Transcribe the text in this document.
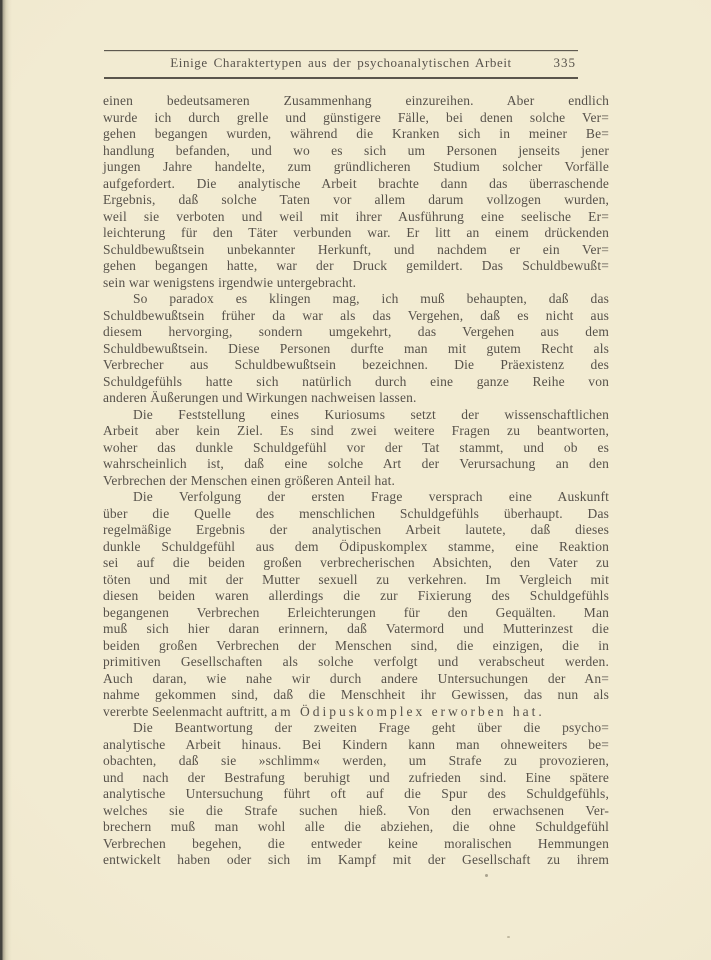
Einige Charaktertypen aus der psychoanalytischen Arbeit	335
einen bedeutsameren Zusammenhang einzureihen. Aber endlich
wurde ich durch grelle und günstigere Fälle, bei denen solche Ver=
gehen begangen wurden, während die Kranken sich in meiner Be=
handlung befanden, und wo es sich um Personen jenseits jener
jungen Jahre handelte, zum gründlicheren Studium solcher Vorfälle
aufgefordert. Die analytische Arbeit brachte dann das überraschende
Ergebnis, daß solche Taten vor allem darum vollzogen wurden,
weil sie verboten und weil mit ihrer Ausführung eine seelische Er=
leichterung für den Täter verbunden war. Er litt an einem drückenden
Schuldbewußtsein unbekannter Herkunft, und nachdem er ein Ver=
gehen begangen hatte, war der Druck gemildert. Das Schuldbewußt=
sein war wenigstens irgendwie untergebracht.
So paradox es klingen mag, ich muß behaupten, daß das
Schuldbewußtsein früher da war als das Vergehen, daß es nicht aus
diesem hervorging, sondern umgekehrt, das Vergehen aus dem
Schuldbewußtsein. Diese Personen durfte man mit gutem Recht als
Verbrecher aus Schuldbewußtsein bezeichnen. Die Präexistenz des
Schuldgefühls hatte sich natürlich durch eine ganze Reihe von
anderen Äußerungen und Wirkungen nachweisen lassen.
Die Feststellung eines Kuriosums setzt der wissenschaftlichen
Arbeit aber kein Ziel. Es sind zwei weitere Fragen zu beantworten,
woher das dunkle Schuldgefühl vor der Tat stammt, und ob es
wahrscheinlich ist, daß eine solche Art der Verursachung an den
Verbrechen der Menschen einen größeren Anteil hat.
Die Verfolgung der ersten Frage versprach eine Auskunft
über die Quelle des menschlichen Schuldgefühls überhaupt. Das
regelmäßige Ergebnis der analytischen Arbeit lautete, daß dieses
dunkle Schuldgefühl aus dem Ödipuskomplex stamme, eine Reaktion
sei auf die beiden großen verbrecherischen Absichten, den Vater zu
töten und mit der Mutter sexuell zu verkehren. Im Vergleich mit
diesen beiden waren allerdings die zur Fixierung des Schuldgefühls
begangenen Verbrechen Erleichterungen für den Gequälten. Man
muß sich hier daran erinnern, daß Vatermord und Mutterinzest die
beiden großen Verbrechen der Menschen sind, die einzigen, die in
primitiven Gesellschaften als solche verfolgt und verabscheut werden.
Auch daran, wie nahe wir durch andere Untersuchungen der An=
nahme gekommen sind, daß die Menschheit ihr Gewissen, das nun als
vererbte Seelenmacht auftritt, am Ödipuskomplex erworben hat.
Die Beantwortung der zweiten Frage geht über die psycho=
analytische Arbeit hinaus. Bei Kindern kann man ohneweiters be=
obachten, daß sie »schlimm« werden, um Strafe zu provozieren,
und nach der Bestrafung beruhigt und zufrieden sind. Eine spätere
analytische Untersuchung führt oft auf die Spur des Schuldgefühls,
welches sie die Strafe suchen hieß. Von den erwachsenen Ver-
brechern muß man wohl alle die abziehen, die ohne Schuldgefühl
Verbrechen begehen, die entweder keine moralischen Hemmungen
entwickelt haben oder sich im Kampf mit der Gesellschaft zu ihrem
